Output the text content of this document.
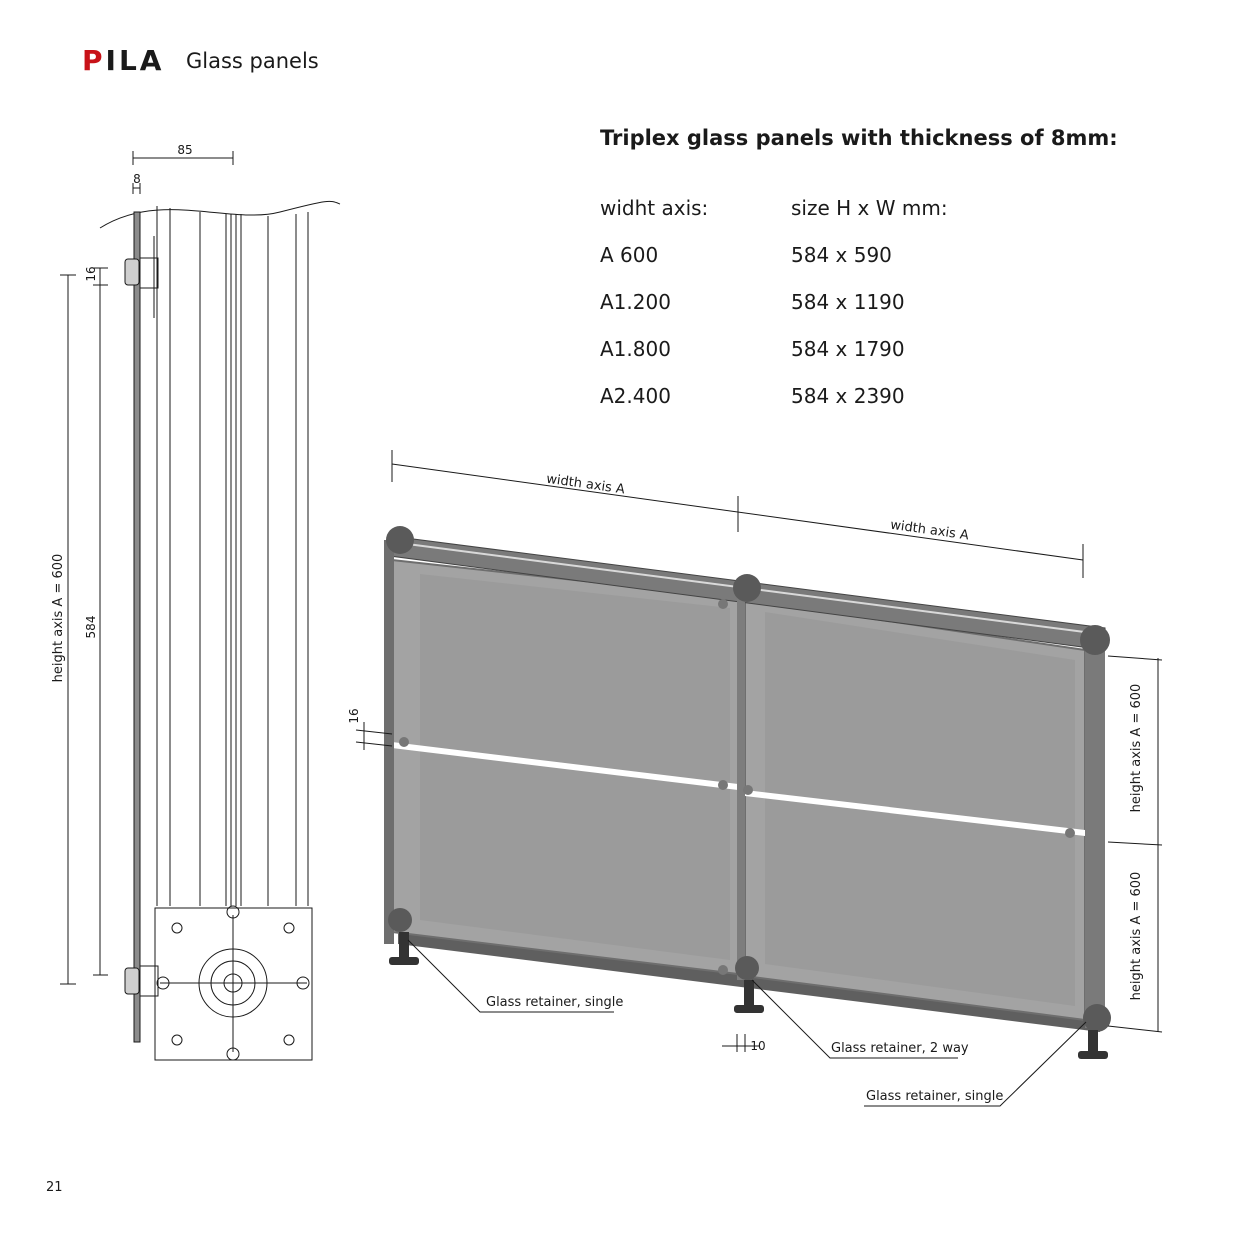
PILA Glass panels
Triplex glass panels with thickness of 8mm:
widht axis:	size H x W mm:
A 600	584 x 590
A1.200	584 x 1190
A1.800	584 x 1790
A2.400	584 x 2390
85
8
16
584
height axis A = 600
width axis A
width axis A
height axis A = 600
height axis A = 600
16
10
Glass retainer, single
Glass retainer, 2 way
Glass retainer, single
21
